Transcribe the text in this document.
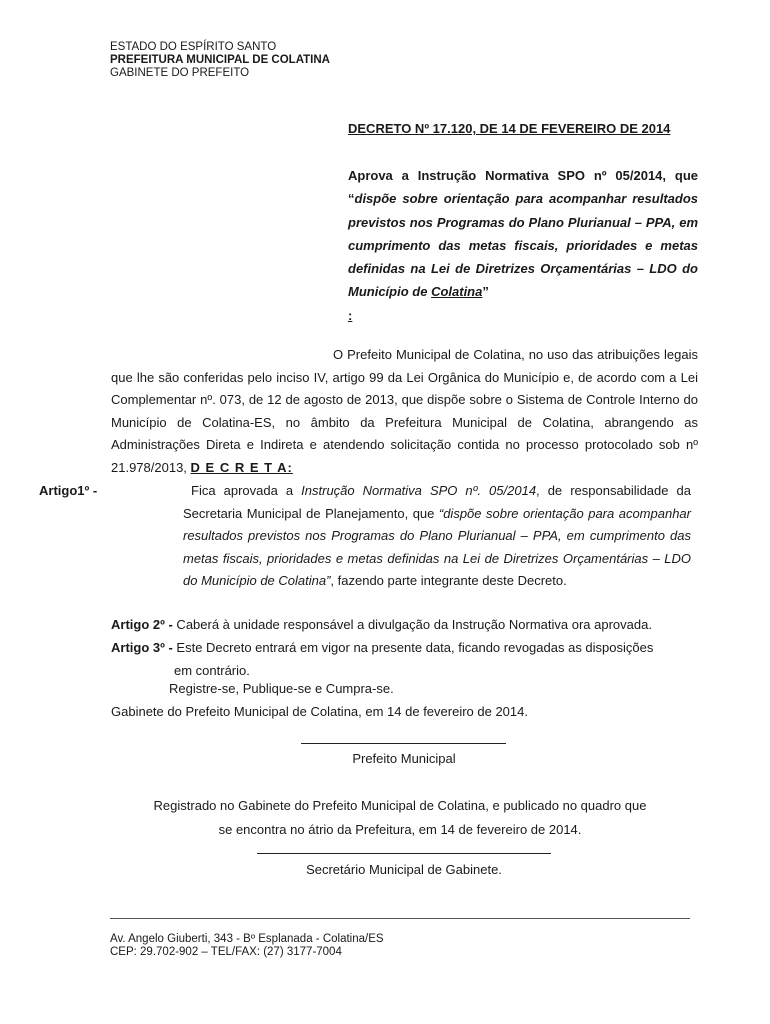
ESTADO DO ESPÍRITO SANTO
PREFEITURA MUNICIPAL DE COLATINA
GABINETE DO PREFEITO
DECRETO Nº 17.120, DE 14 DE FEVEREIRO DE 2014
Aprova a Instrução Normativa SPO nº 05/2014, que “dispõe sobre orientação para acompanhar resultados previstos nos Programas do Plano Plurianual – PPA, em cumprimento das metas fiscais, prioridades e metas definidas na Lei de Diretrizes Orçamentárias – LDO do Município de Colatina”
:

O Prefeito Municipal de Colatina, no uso das atribuições legais que lhe são conferidas pelo inciso IV, artigo 99 da Lei Orgânica do Município e, de acordo com a Lei Complementar nº. 073, de 12 de agosto de 2013, que dispõe sobre o Sistema de Controle Interno do Município de Colatina-ES, no âmbito da Prefeitura Municipal de Colatina, abrangendo as Administrações Direta e Indireta e atendendo solicitação contida no processo protocolado sob nº 21.978/2013, D E C R E T A:

Artigo1º -	Fica aprovada a Instrução Normativa SPO nº. 05/2014, de responsabilidade da Secretaria Municipal de Planejamento, que “dispõe sobre orientação para acompanhar resultados previstos nos Programas do Plano Plurianual – PPA, em cumprimento das metas fiscais, prioridades e metas definidas na Lei de Diretrizes Orçamentárias – LDO do Município de Colatina”, fazendo parte integrante deste Decreto.
Artigo 2º - Caberá à unidade responsável a divulgação da Instrução Normativa ora aprovada.
Artigo 3º - Este Decreto entrará em vigor na presente data, ficando revogadas as disposições
em contrário.
Registre-se, Publique-se e Cumpra-se.
Gabinete do Prefeito Municipal de Colatina, em 14 de fevereiro de 2014.
Prefeito Municipal
Registrado no Gabinete do Prefeito Municipal de Colatina, e publicado no quadro que se encontra no átrio da Prefeitura, em 14 de fevereiro de 2014.
Secretário Municipal de Gabinete.
Av. Angelo Giuberti, 343 - Bº Esplanada - Colatina/ES
CEP: 29.702-902 – TEL/FAX: (27) 3177-7004
